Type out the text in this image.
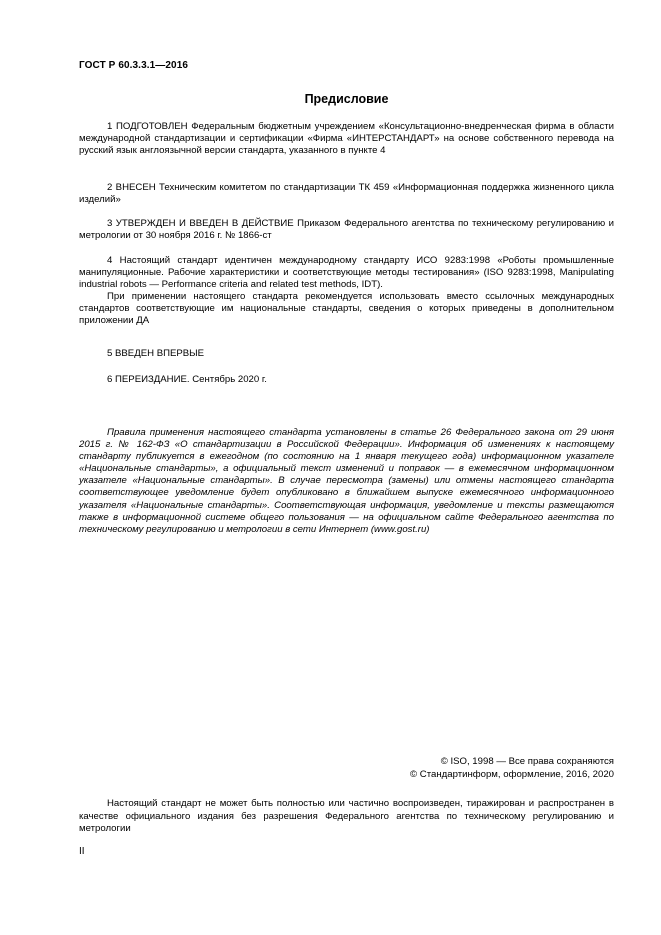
ГОСТ Р 60.3.3.1—2016
Предисловие

1 ПОДГОТОВЛЕН Федеральным бюджетным учреждением «Консультационно-внедренческая фирма в области международной стандартизации и сертификации «Фирма «ИНТЕРСТАНДАРТ» на основе собственного перевода на русский язык англоязычной версии стандарта, указанного в пункте 4

2 ВНЕСЕН Техническим комитетом по стандартизации ТК 459 «Информационная поддержка жизненного цикла изделий»

3 УТВЕРЖДЕН И ВВЕДЕН В ДЕЙСТВИЕ Приказом Федерального агентства по техническому регулированию и метрологии от 30 ноября 2016 г. № 1866-ст

4 Настоящий стандарт идентичен международному стандарту ИСО 9283:1998 «Роботы промышленные манипуляционные. Рабочие характеристики и соответствующие методы тестирования» (ISO 9283:1998, Manipulating industrial robots — Performance criteria and related test methods, IDT).

При применении настоящего стандарта рекомендуется использовать вместо ссылочных международных стандартов соответствующие им национальные стандарты, сведения о которых приведены в дополнительном приложении ДА

5 ВВЕДЕН ВПЕРВЫЕ

6 ПЕРЕИЗДАНИЕ. Сентябрь 2020 г.

Правила применения настоящего стандарта установлены в статье 26 Федерального закона от 29 июня 2015 г. № 162-ФЗ «О стандартизации в Российской Федерации». Информация об изменениях к настоящему стандарту публикуется в ежегодном (по состоянию на 1 января текущего года) информационном указателе «Национальные стандарты», а официальный текст изменений и поправок — в ежемесячном информационном указателе «Национальные стандарты». В случае пересмотра (замены) или отмены настоящего стандарта соответствующее уведомление будет опубликовано в ближайшем выпуске ежемесячного информационного указателя «Национальные стандарты». Соответствующая информация, уведомление и тексты размещаются также в информационной системе общего пользования — на официальном сайте Федерального агентства по техническому регулированию и метрологии в сети Интернет (www.gost.ru)

© ISO, 1998 — Все права сохраняются
© Стандартинформ, оформление, 2016, 2020

Настоящий стандарт не может быть полностью или частично воспроизведен, тиражирован и распространен в качестве официального издания без разрешения Федерального агентства по техническому регулированию и метрологии

II
